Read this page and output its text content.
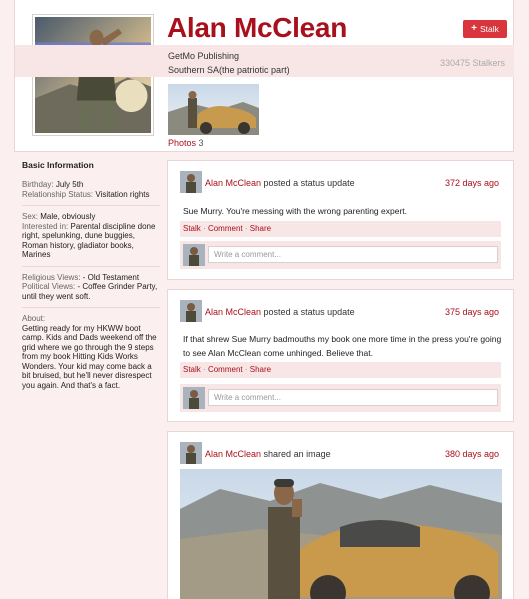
Alan McClean	+ Stalk
GetMo Publishing
Southern SA(the patriotic part)
330475 Stalkers
Photos 3
Basic Information

Birthday: July 5th

Relationship Status: Visitation rights

Sex: Male, obviously

Interested in: Parental discipline done right, spelunking, dune buggies, Roman history, gladiator books, Marines

Religious Views: - Old Testament

Political Views: - Coffee Grinder Party, until they went soft.

About:

Getting ready for my HKWW boot camp. Kids and Dads weekend off the grid where we go through the 9 steps from my book Hitting Kids Works Wonders. Your kid may come back a bit bruised, but he'll never disrespect you again. And that's a fact.

Alan McClean posted a status update	372 days ago
Sue Murry. You're messing with the wrong parenting expert.
Stalk · Comment · Share
Write a comment...
Alan McClean posted a status update	375 days ago
If that shrew Sue Murry badmouths my book one more time in the press you're going to see Alan McClean come unhinged. Believe that.
Stalk · Comment · Share
Write a comment...
Alan McClean shared an image	380 days ago
